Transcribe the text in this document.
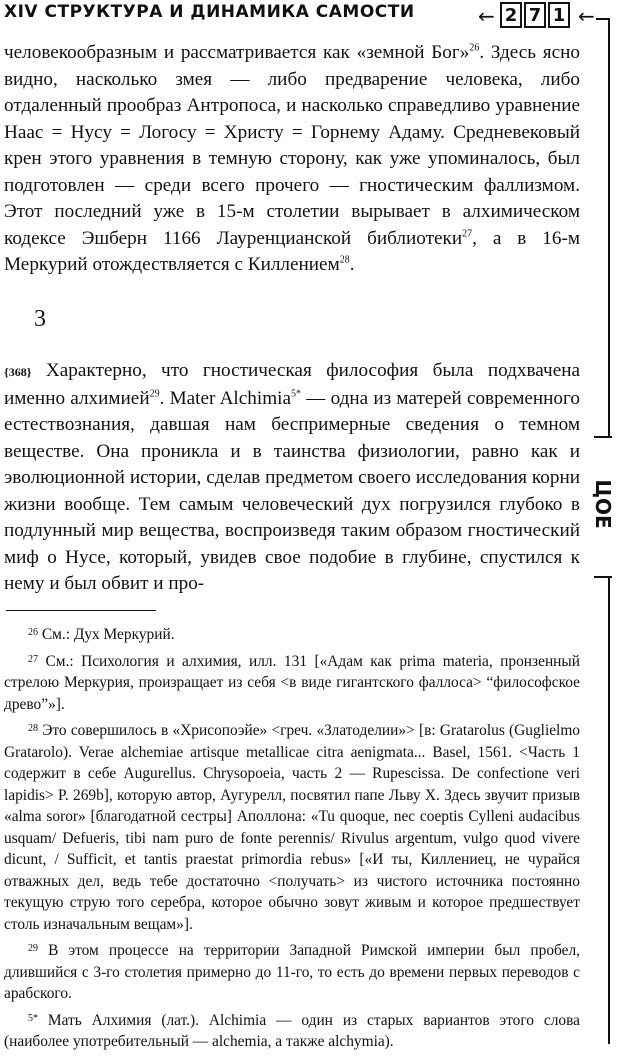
XIV СТРУКТУРА И ДИНАМИКА САМОСТИ	← 2 7 1 ←
ЦОЕ
человекообразным и рассматривается как «земной Бог»$^{26}$. Здесь ясно видно, насколько змея — либо предварение человека, либо отдаленный прообраз Антропоса, и насколько справедливо уравнение Наас = Нусу = Логосу = Христу = Горнему Адаму. Средневековый крен этого уравнения в темную сторону, как уже упоминалось, был подготовлен — среди всего прочего — гностическим фаллизмом. Этот последний уже в 15-м столетии вырывает в алхимическом кодексе Эшберн 1166 Лауренцианской библиотеки$^{27}$, а в 16-м Меркурий отождествляется с Киллением$^{28}$.
3
{368} Характерно, что гностическая философия была подхвачена именно алхимией$^{29}$. Mater Alchimia$^{5*}$ — одна из матерей современного естествознания, давшая нам беспримерные сведения о темном веществе. Она проникла и в таинства физиологии, равно как и эволюционной истории, сделав предметом своего исследования корни жизни вообще. Тем самым человеческий дух погрузился глубоко в подлунный мир вещества, воспроизведя таким образом гностический миф о Нусе, который, увидев свое подобие в глубине, спустился к нему и был обвит и про-

$^{26}$ См.: Дух Меркурий.

$^{27}$ См.: Психология и алхимия, илл. 131 [«Адам как prima materia, пронзенный стрелою Меркурия, произращает из себя <в виде гигантского фаллоса> “философское древо”»].

$^{28}$ Это совершилось в «Хрисопоэйе» <греч. «Златоделии»> [в: Gratarolus (Guglielmo Gratarolo). Verae alchemiae artisque metallicae citra aenigmata... Basel, 1561. <Часть 1 содержит в себе Augurellus. Chrysopoeia, часть 2 — Rupescissa. De confectione veri lapidis> P. 269b], которую автор, Аугурелл, посвятил папе Льву X. Здесь звучит призыв «alma soror» [благодатной сестры] Аполлона: «Tu quoque, nec coeptis Cylleni audacibus usquam/ Defueris, tibi nam puro de fonte perennis/ Rivulus argentum, vulgo quod vivere dicunt, / Sufficit, et tantis praestat primordia rebus» [«И ты, Киллениец, не чурайся отважных дел, ведь тебе достаточно <получать> из чистого источника постоянно текущую струю того серебра, которое обычно зовут живым и которое предшествует столь изначальным вещам»].

$^{29}$ В этом процессе на территории Западной Римской империи был пробел, длившийся с 3-го столетия примерно до 11-го, то есть до времени первых переводов с арабского.

$^{5*}$ Мать Алхимия (лат.). Alchimia — один из старых вариантов этого слова (наиболее употребительный — alchemia, а также alchymia).
